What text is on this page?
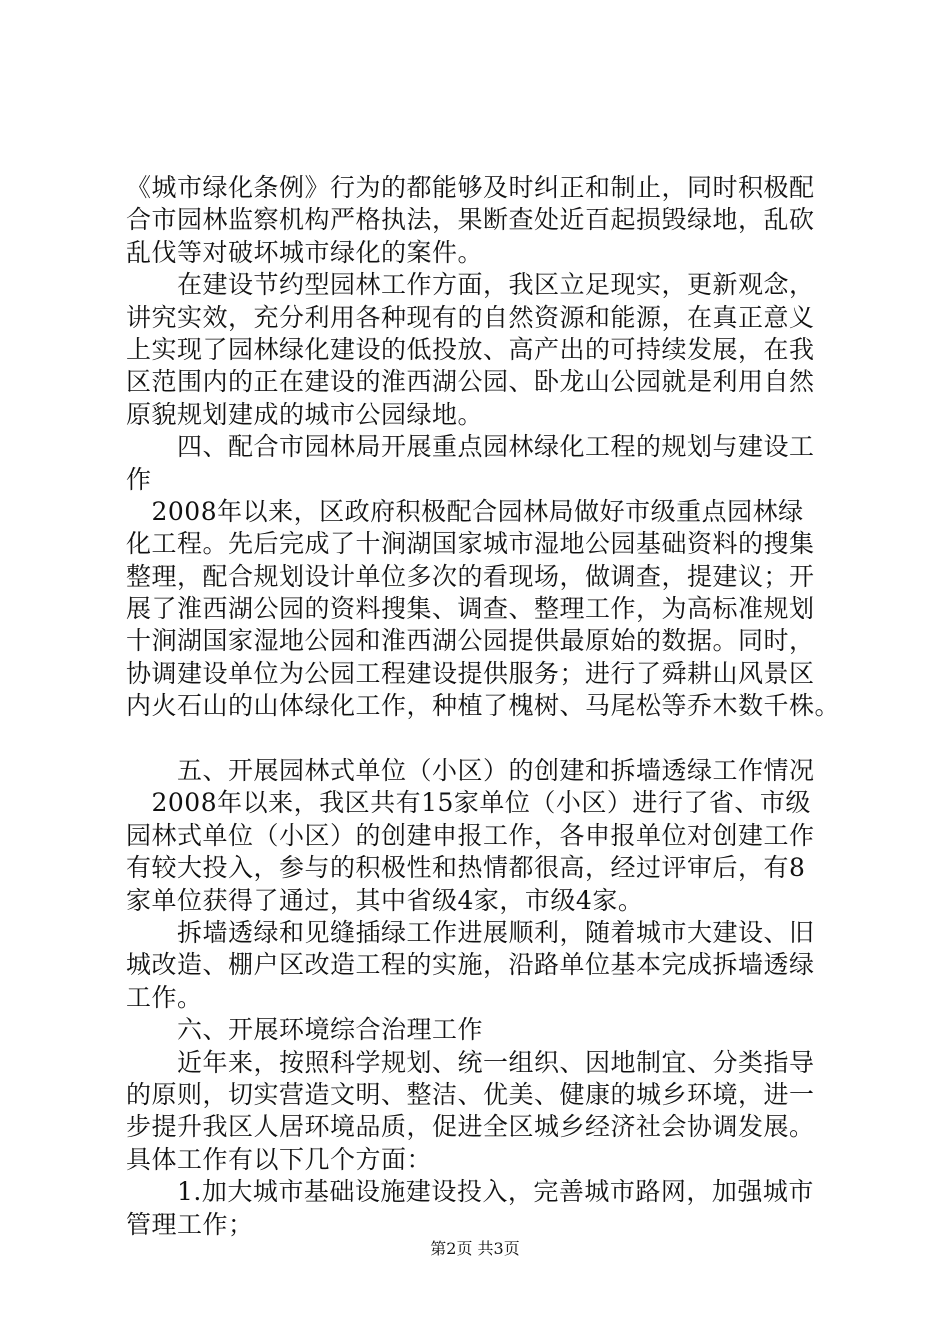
《城市绿化条例》行为的都能够及时纠正和制止，同时积极配
合市园林监察机构严格执法，果断查处近百起损毁绿地，乱砍
乱伐等对破坏城市绿化的案件。
　　在建设节约型园林工作方面，我区立足现实，更新观念，
讲究实效，充分利用各种现有的自然资源和能源，在真正意义
上实现了园林绿化建设的低投放、高产出的可持续发展，在我
区范围内的正在建设的淮西湖公园、卧龙山公园就是利用自然
原貌规划建成的城市公园绿地。
　　四、配合市园林局开展重点园林绿化工程的规划与建设工
作
　2008年以来，区政府积极配合园林局做好市级重点园林绿
化工程。先后完成了十涧湖国家城市湿地公园基础资料的搜集
整理，配合规划设计单位多次的看现场，做调查，提建议；开
展了淮西湖公园的资料搜集、调查、整理工作，为高标准规划
十涧湖国家湿地公园和淮西湖公园提供最原始的数据。同时，
协调建设单位为公园工程建设提供服务；进行了舜耕山风景区
内火石山的山体绿化工作，种植了槐树、马尾松等乔木数千株。
　　五、开展园林式单位（小区）的创建和拆墙透绿工作情况
　2008年以来，我区共有15家单位（小区）进行了省、市级
园林式单位（小区）的创建申报工作，各申报单位对创建工作
有较大投入，参与的积极性和热情都很高，经过评审后，有8
家单位获得了通过，其中省级4家，市级4家。
　　拆墙透绿和见缝插绿工作进展顺利，随着城市大建设、旧
城改造、棚户区改造工程的实施，沿路单位基本完成拆墙透绿
工作。
　　六、开展环境综合治理工作
　　近年来，按照科学规划、统一组织、因地制宜、分类指导
的原则，切实营造文明、整洁、优美、健康的城乡环境，进一
步提升我区人居环境品质，促进全区城乡经济社会协调发展。
具体工作有以下几个方面：
　　1.加大城市基础设施建设投入，完善城市路网，加强城市
管理工作；
第2页 共3页
